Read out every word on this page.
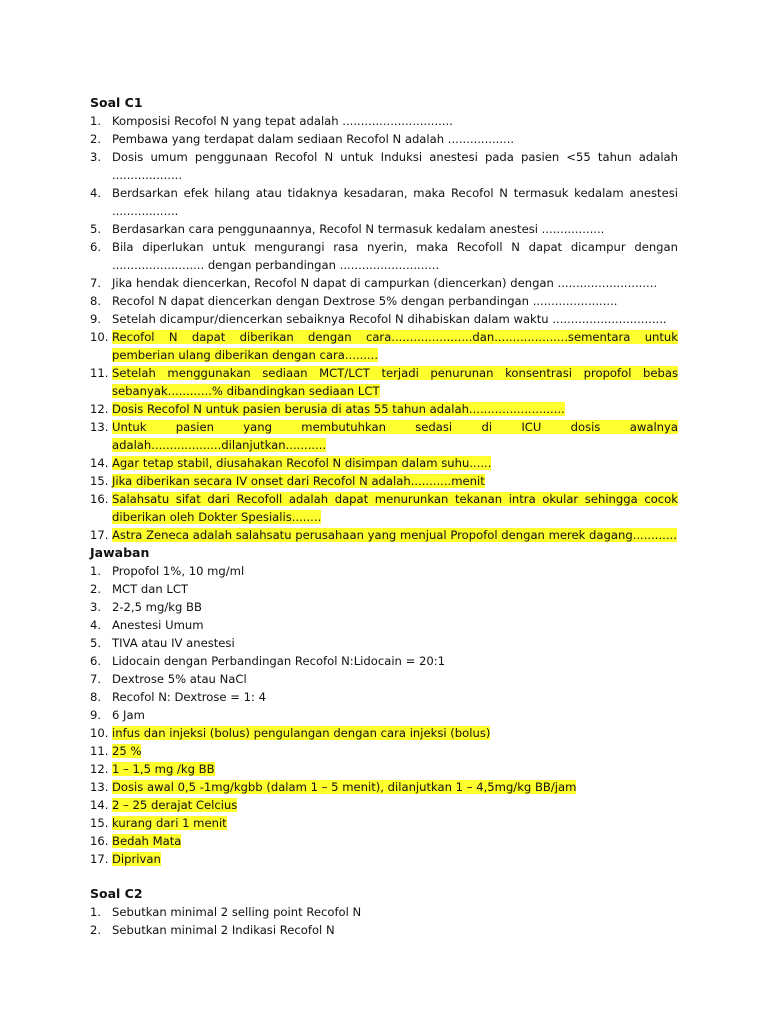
Soal C1
1. Komposisi Recofol N yang tepat adalah ..............................
2. Pembawa yang terdapat dalam sediaan Recofol N adalah ..................
3. Dosis umum penggunaan Recofol N untuk Induksi anestesi pada pasien <55 tahun adalah ...................
4. Berdsarkan efek hilang atau tidaknya kesadaran, maka Recofol N termasuk kedalam anestesi ..................
5. Berdasarkan cara penggunaannya, Recofol N termasuk kedalam anestesi .................
6. Bila diperlukan untuk mengurangi rasa nyerin, maka Recofoll N dapat dicampur dengan ......................... dengan perbandingan ...........................
7. Jika hendak diencerkan, Recofol N dapat di campurkan (diencerkan) dengan ...........................
8. Recofol N dapat diencerkan dengan Dextrose 5% dengan perbandingan .......................
9. Setelah dicampur/diencerkan sebaiknya Recofol N dihabiskan dalam waktu ...............................
10. Recofol N dapat diberikan dengan cara......................dan....................sementara untuk pemberian ulang diberikan dengan cara.........
11. Setelah menggunakan sediaan MCT/LCT terjadi penurunan konsentrasi propofol bebas sebanyak............% dibandingkan sediaan LCT
12. Dosis Recofol N untuk pasien berusia di atas 55 tahun adalah..........................
13. Untuk pasien yang membutuhkan sedasi di ICU dosis awalnya adalah...................dilanjutkan...........
14. Agar tetap stabil, diusahakan Recofol N disimpan dalam suhu......
15. Jika diberikan secara IV onset dari Recofol N adalah...........menit
16. Salahsatu sifat dari Recofoll adalah dapat menurunkan tekanan intra okular sehingga cocok diberikan oleh Dokter Spesialis........
17. Astra Zeneca adalah salahsatu perusahaan yang menjual Propofol dengan merek dagang............
Jawaban
1. Propofol 1%, 10 mg/ml
2. MCT dan LCT
3. 2-2,5 mg/kg BB
4. Anestesi Umum
5. TIVA atau IV anestesi
6. Lidocain dengan Perbandingan Recofol N:Lidocain = 20:1
7. Dextrose 5% atau NaCl
8. Recofol N: Dextrose = 1: 4
9. 6 Jam
10. infus dan injeksi (bolus) pengulangan dengan cara injeksi (bolus)
11. 25 %
12. 1 – 1,5 mg /kg BB
13. Dosis awal 0,5 -1mg/kgbb (dalam 1 – 5 menit), dilanjutkan 1 – 4,5mg/kg BB/jam
14. 2 – 25 derajat Celcius
15. kurang dari 1 menit
16. Bedah Mata
17. Diprivan
Soal C2
1. Sebutkan minimal 2 selling point Recofol N
2. Sebutkan minimal 2 Indikasi Recofol N
